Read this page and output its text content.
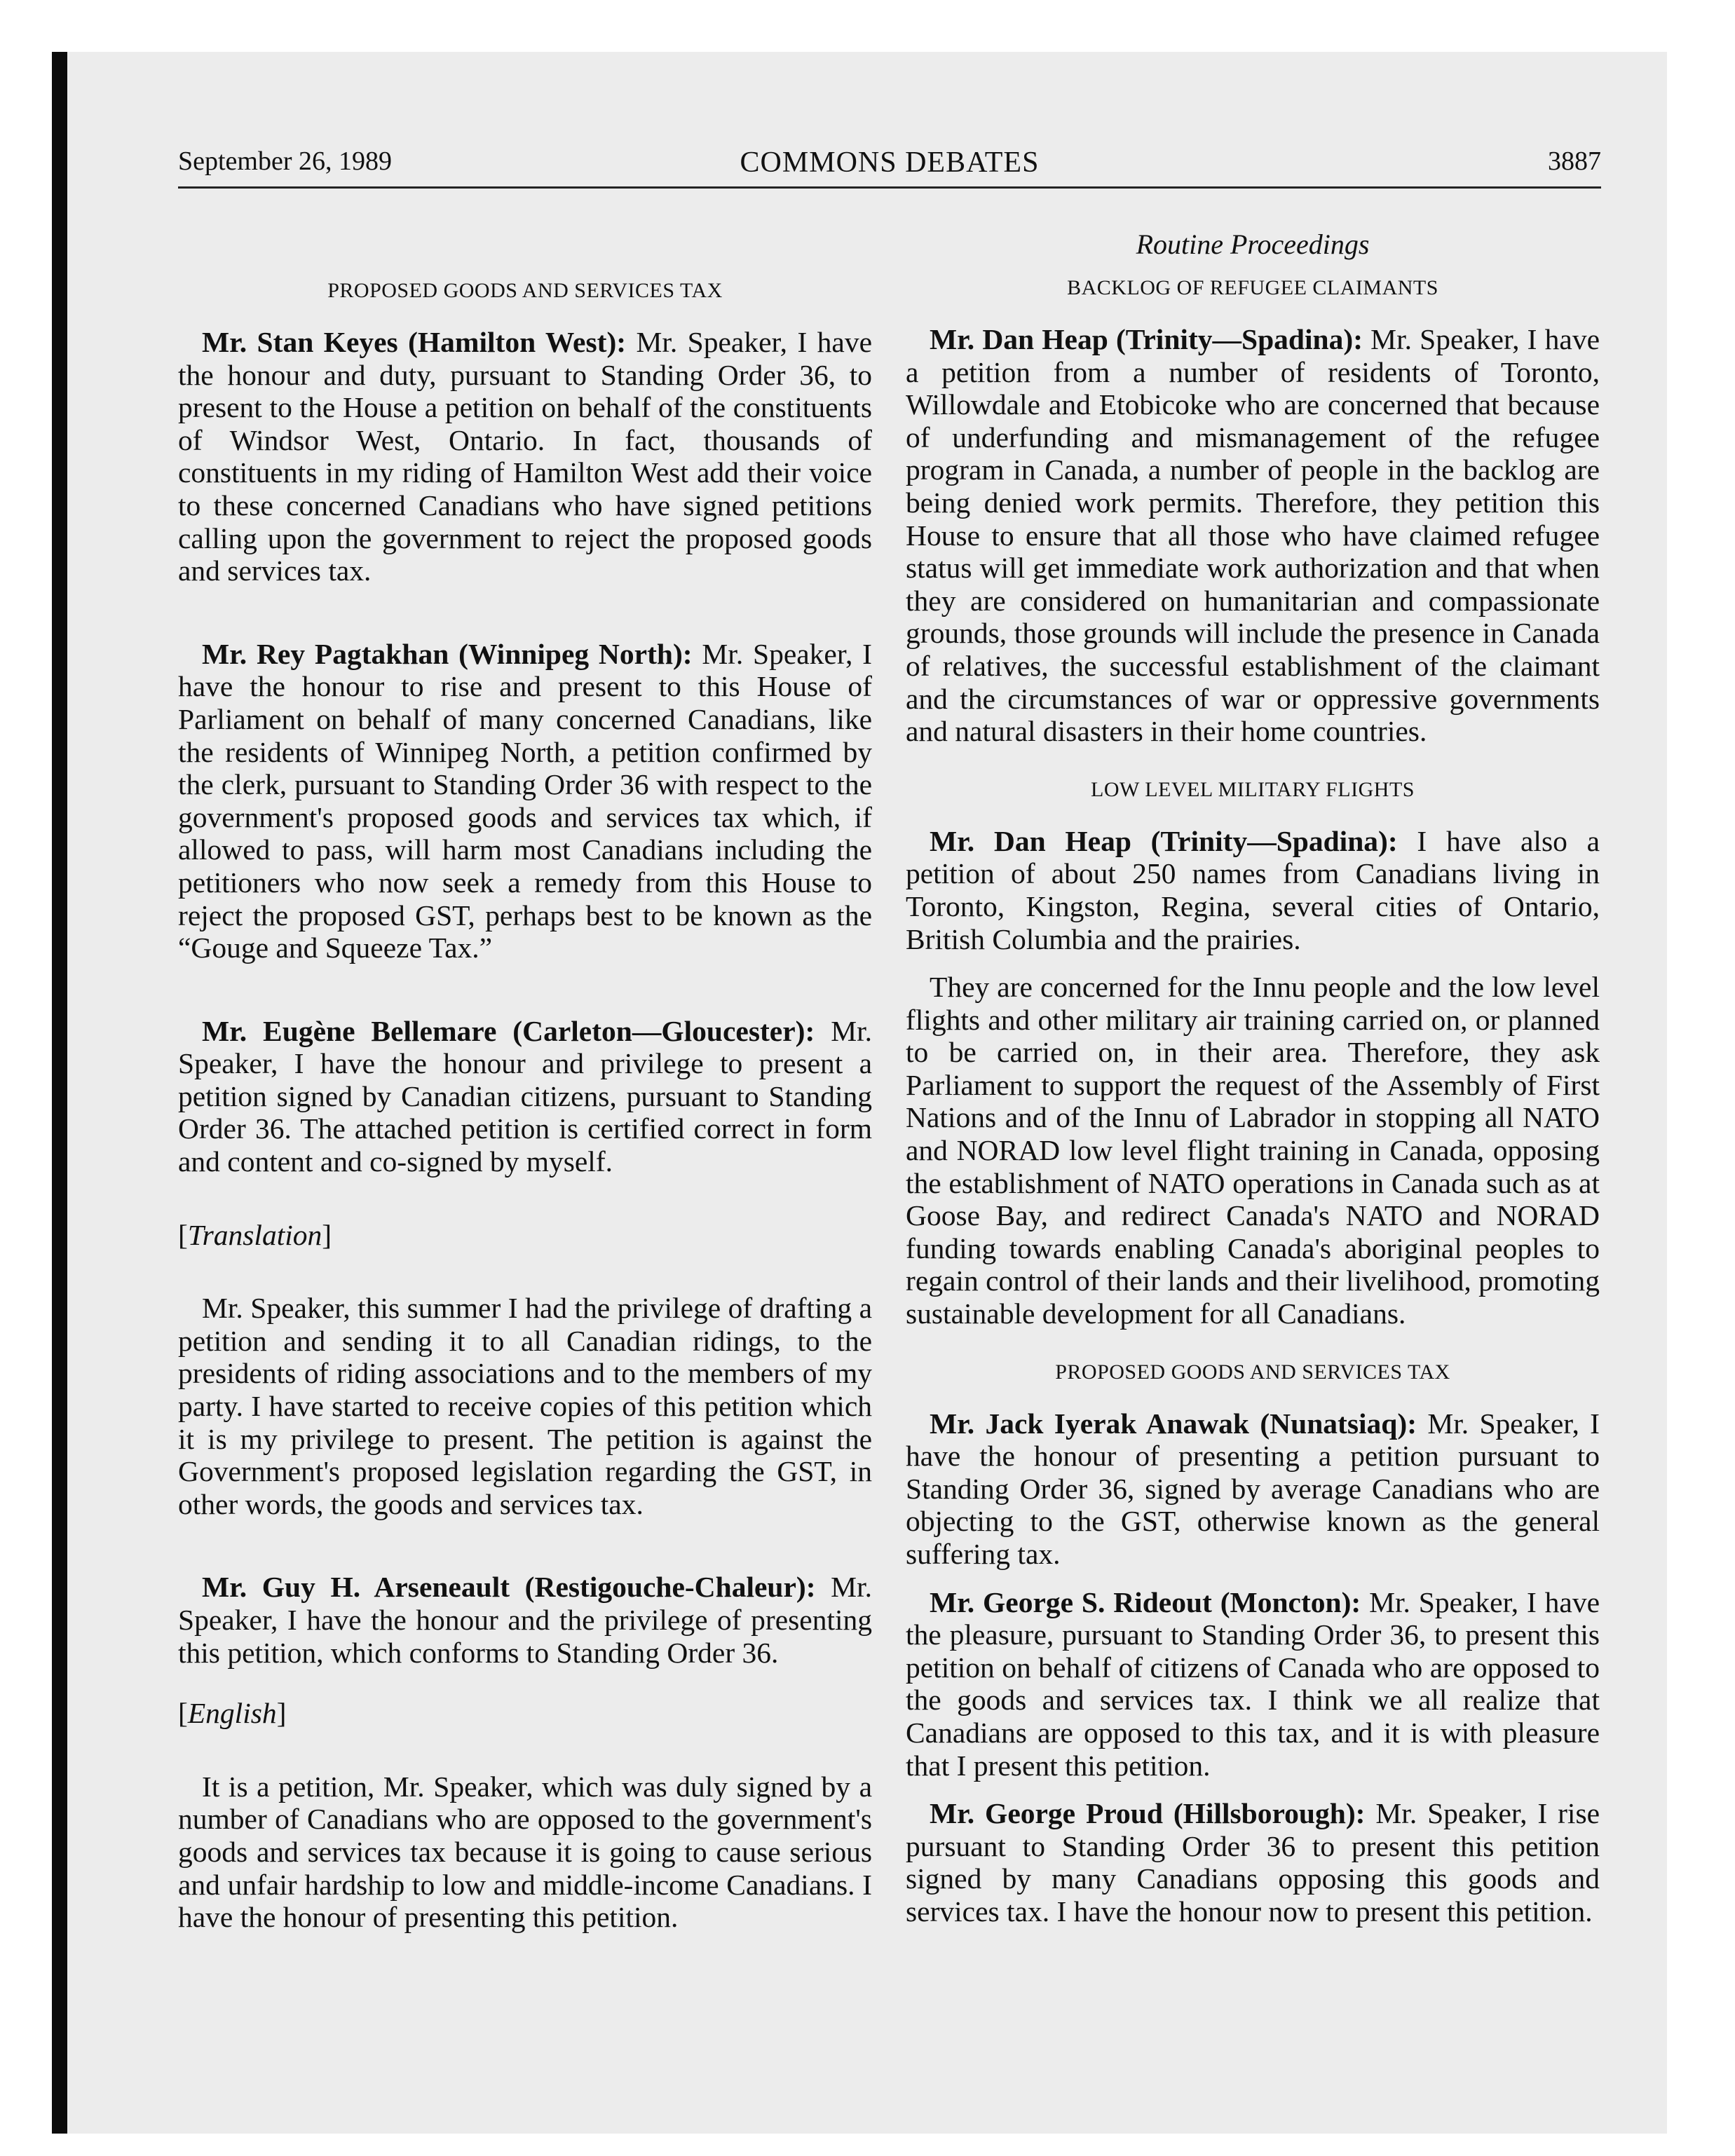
September 26, 1989	COMMONS DEBATES	3887
PROPOSED GOODS AND SERVICES TAX

Mr. Stan Keyes (Hamilton West): Mr. Speaker, I have the honour and duty, pursuant to Standing Order 36, to present to the House a petition on behalf of the constituents of Windsor West, Ontario. In fact, thousands of constituents in my riding of Hamilton West add their voice to these concerned Canadians who have signed petitions calling upon the government to reject the proposed goods and services tax.

Mr. Rey Pagtakhan (Winnipeg North): Mr. Speaker, I have the honour to rise and present to this House of Parliament on behalf of many concerned Canadians, like the residents of Winnipeg North, a petition confirmed by the clerk, pursuant to Standing Order 36 with respect to the government's proposed goods and services tax which, if allowed to pass, will harm most Canadians including the petitioners who now seek a remedy from this House to reject the proposed GST, perhaps best to be known as the “Gouge and Squeeze Tax.”

Mr. Eugène Bellemare (Carleton—Gloucester): Mr. Speaker, I have the honour and privilege to present a petition signed by Canadian citizens, pursuant to Standing Order 36. The attached petition is certified correct in form and content and co-signed by myself.

[Translation]

Mr. Speaker, this summer I had the privilege of drafting a petition and sending it to all Canadian ridings, to the presidents of riding associations and to the members of my party. I have started to receive copies of this petition which it is my privilege to present. The petition is against the Government's proposed legislation regarding the GST, in other words, the goods and services tax.

Mr. Guy H. Arseneault (Restigouche-Chaleur): Mr. Speaker, I have the honour and the privilege of presenting this petition, which conforms to Standing Order 36.

[English]

It is a petition, Mr. Speaker, which was duly signed by a number of Canadians who are opposed to the government's goods and services tax because it is going to cause serious and unfair hardship to low and middle-income Canadians. I have the honour of presenting this petition.

Routine Proceedings
BACKLOG OF REFUGEE CLAIMANTS

Mr. Dan Heap (Trinity—Spadina): Mr. Speaker, I have a petition from a number of residents of Toronto, Willowdale and Etobicoke who are concerned that because of underfunding and mismanagement of the refugee program in Canada, a number of people in the backlog are being denied work permits. Therefore, they petition this House to ensure that all those who have claimed refugee status will get immediate work authorization and that when they are considered on humanitarian and compassionate grounds, those grounds will include the presence in Canada of relatives, the successful establishment of the claimant and the circumstances of war or oppressive governments and natural disasters in their home countries.

LOW LEVEL MILITARY FLIGHTS

Mr. Dan Heap (Trinity—Spadina): I have also a petition of about 250 names from Canadians living in Toronto, Kingston, Regina, several cities of Ontario, British Columbia and the prairies.

They are concerned for the Innu people and the low level flights and other military air training carried on, or planned to be carried on, in their area. Therefore, they ask Parliament to support the request of the Assembly of First Nations and of the Innu of Labrador in stopping all NATO and NORAD low level flight training in Canada, opposing the establishment of NATO operations in Canada such as at Goose Bay, and redirect Canada's NATO and NORAD funding towards enabling Canada's aboriginal peoples to regain control of their lands and their livelihood, promoting sustainable development for all Canadians.

PROPOSED GOODS AND SERVICES TAX

Mr. Jack Iyerak Anawak (Nunatsiaq): Mr. Speaker, I have the honour of presenting a petition pursuant to Standing Order 36, signed by average Canadians who are objecting to the GST, otherwise known as the general suffering tax.

Mr. George S. Rideout (Moncton): Mr. Speaker, I have the pleasure, pursuant to Standing Order 36, to present this petition on behalf of citizens of Canada who are opposed to the goods and services tax. I think we all realize that Canadians are opposed to this tax, and it is with pleasure that I present this petition.

Mr. George Proud (Hillsborough): Mr. Speaker, I rise pursuant to Standing Order 36 to present this petition signed by many Canadians opposing this goods and services tax. I have the honour now to present this petition.
